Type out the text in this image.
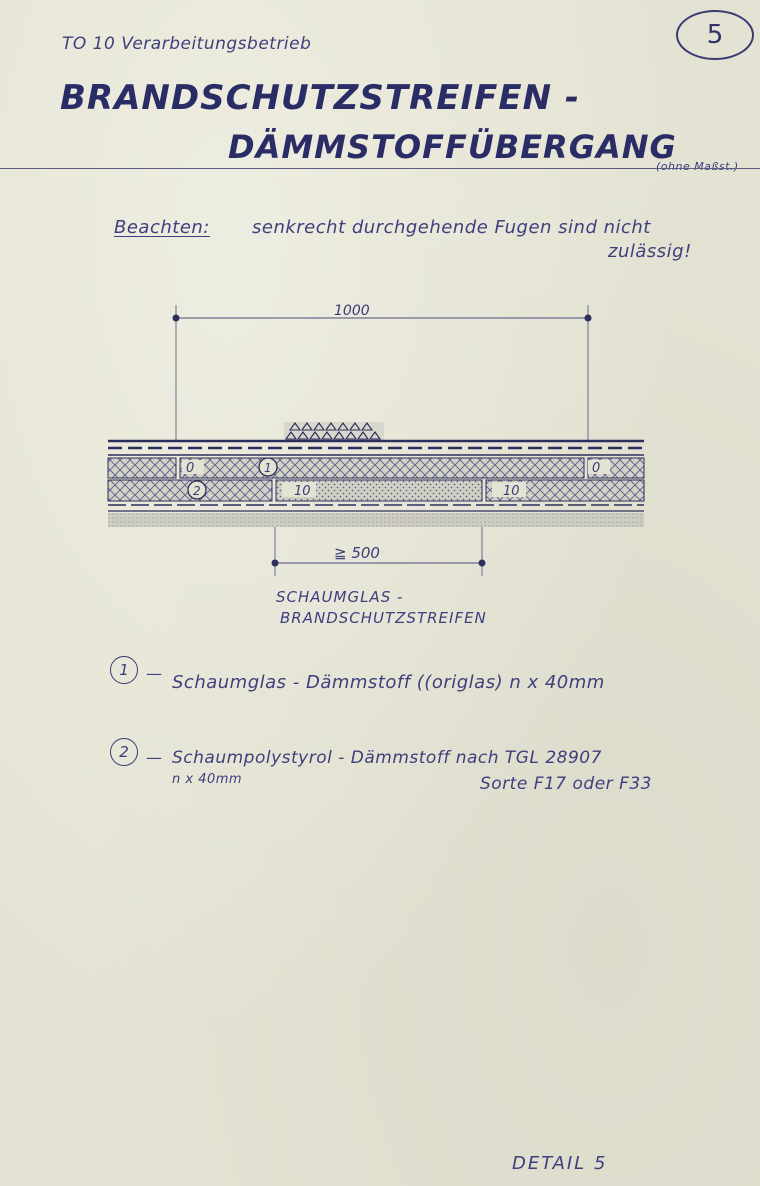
TO 10 Verarbeitungsbetrieb	5
BRANDSCHUTZSTREIFEN -
DÄMMSTOFFÜBERGANG
(ohne Maßst.)
Beachten: senkrecht durchgehende Fugen sind nicht
zulässig!
1000
1
2
0	0
10	10
≧ 500
SCHAUMGLAS -
BRANDSCHUTZSTREIFEN
1 — Schaumglas - Dämmstoff ((origlas) n x 40mm
2 — Schaumpolystyrol - Dämmstoff nach TGL 28907
n x 40mm	Sorte F17 oder F33
DETAIL 5
